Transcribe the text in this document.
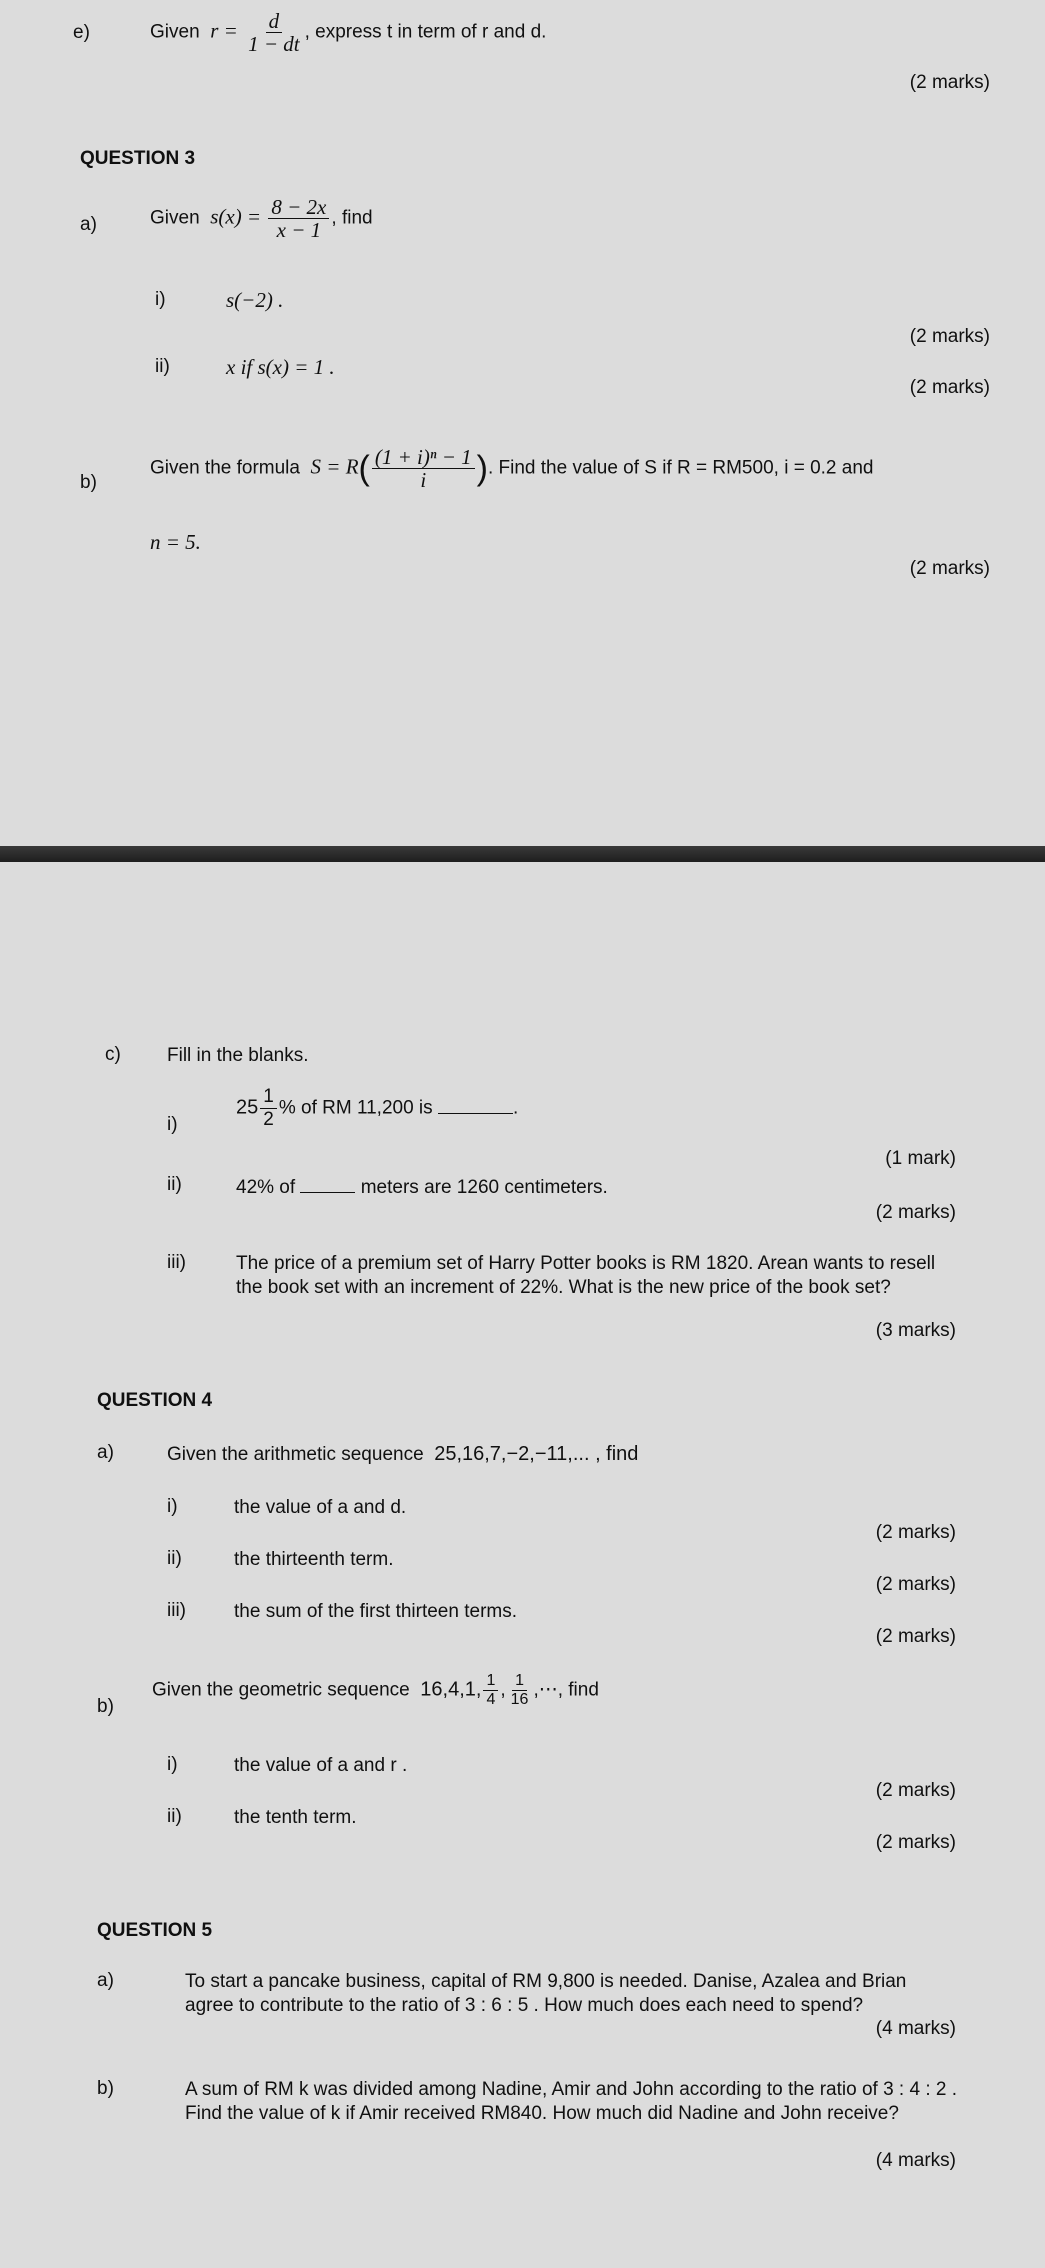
e)	Given $r = \frac{d}{1 - dt}$ , express t in term of r and d.
(2 marks)
QUESTION 3
a)	Given $s(x) = \frac{8 - 2x}{x - 1}$ , find
i)	s(−2) .
(2 marks)
ii)	x if s(x) = 1 .
(2 marks)
b)
Given the formula $S = R( \frac{\text{(1 + i)ⁿ − 1}}{i}$ ). Find the value of S if R = RM500, i = 0.2 and
n = 5.
(2 marks)
c) Fill in the blanks.
i)
$25 \frac{1}{2}$ % of RM 11,200 is	.
(1 mark)
ii)	42% of	meters are 1260 centimeters.
(2 marks)
iii)	The price of a premium set of Harry Potter books is RM 1820. Arean wants to resell the book set with an increment of 22%. What is the new price of the book set?
(3 marks)
QUESTION 4
a)	Given the arithmetic sequence 25,16,7,−2,−11,... , find
i)	the value of a and d.
(2 marks)
ii)	the thirteenth term.
(2 marks)
iii)	the sum of the first thirteen terms.
(2 marks)
b)
Given the geometric sequence 16,4,1, $\frac{1}{4}$ , $\frac{1}{16}$ ,⋯, find
i)	the value of a and r .
(2 marks)
ii)	the tenth term.
(2 marks)
QUESTION 5
a)	To start a pancake business, capital of RM 9,800 is needed. Danise, Azalea and Brian agree to contribute to the ratio of 3 : 6 : 5 . How much does each need to spend?
(4 marks)
b)	A sum of RM k was divided among Nadine, Amir and John according to the ratio of 3 : 4 : 2 . Find the value of k if Amir received RM840. How much did Nadine and John receive?
(4 marks)
